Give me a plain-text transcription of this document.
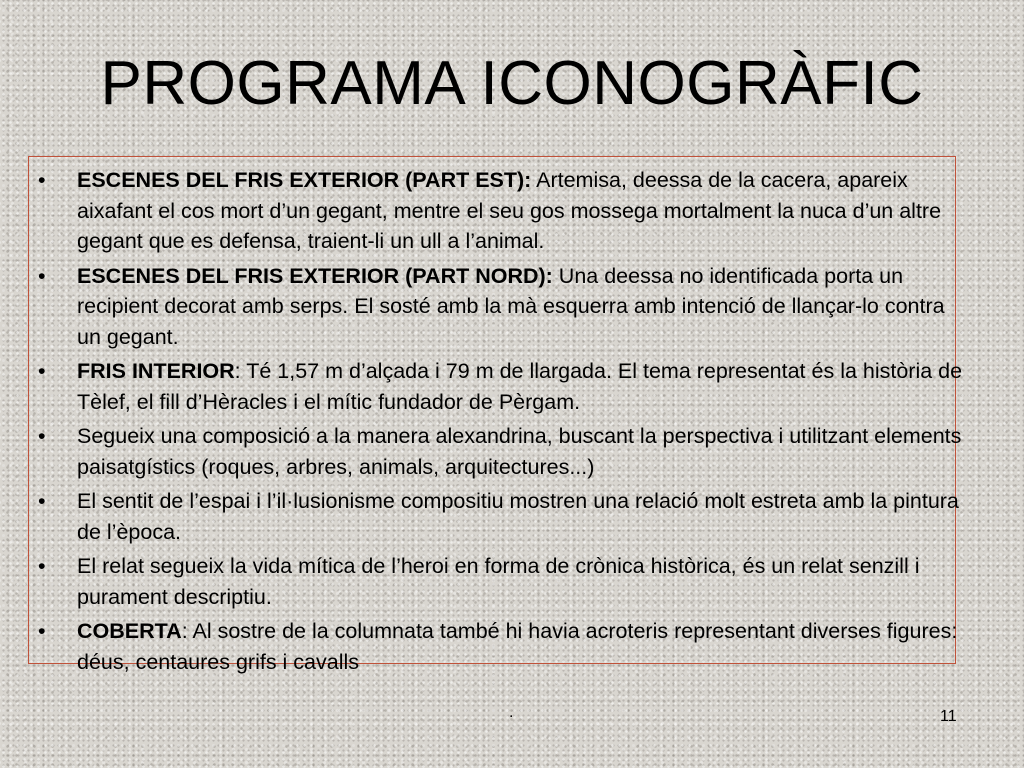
PROGRAMA ICONOGRÀFIC
• ESCENES DEL FRIS EXTERIOR (PART EST): Artemisa, deessa de la cacera, apareix aixafant el cos mort d’un gegant, mentre el seu gos mossega mortalment la nuca d’un altre gegant que es defensa, traient-li un ull a l’animal.
• ESCENES DEL FRIS EXTERIOR (PART NORD): Una deessa no identificada porta un recipient decorat amb serps. El sosté amb la mà esquerra amb intenció de llançar-lo contra un gegant.
• FRIS INTERIOR: Té 1,57 m d’alçada i 79 m de llargada. El tema representat és la història de Tèlef, el fill d’Hèracles i el mític fundador de Pèrgam.
• Segueix una composició a la manera alexandrina, buscant la perspectiva i utilitzant elements paisatgístics (roques, arbres, animals, arquitectures...)
• El sentit de l’espai i l’il·lusionisme compositiu mostren una relació molt estreta amb la pintura de l’època.
• El relat segueix la vida mítica de l’heroi en forma de crònica històrica, és un relat senzill i purament descriptiu.
• COBERTA: Al sostre de la columnata també hi havia acroteris representant diverses figures: déus, centaures grifs i cavalls
.	11
